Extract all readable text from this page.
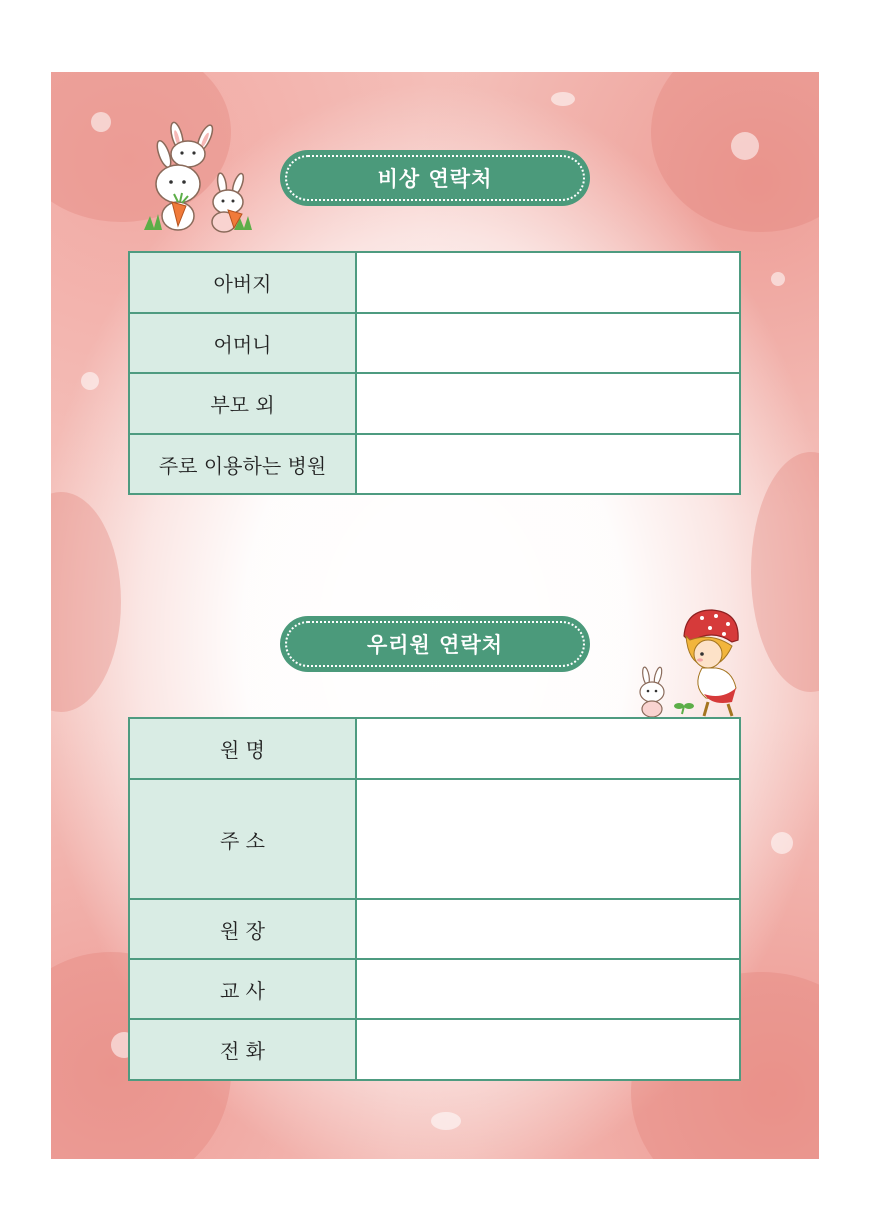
비상 연락처
아버지	
어머니	
부모 외	
주로 이용하는 병원	
우리원 연락처
원 명	
주 소	
원 장	
교 사	
전 화	
